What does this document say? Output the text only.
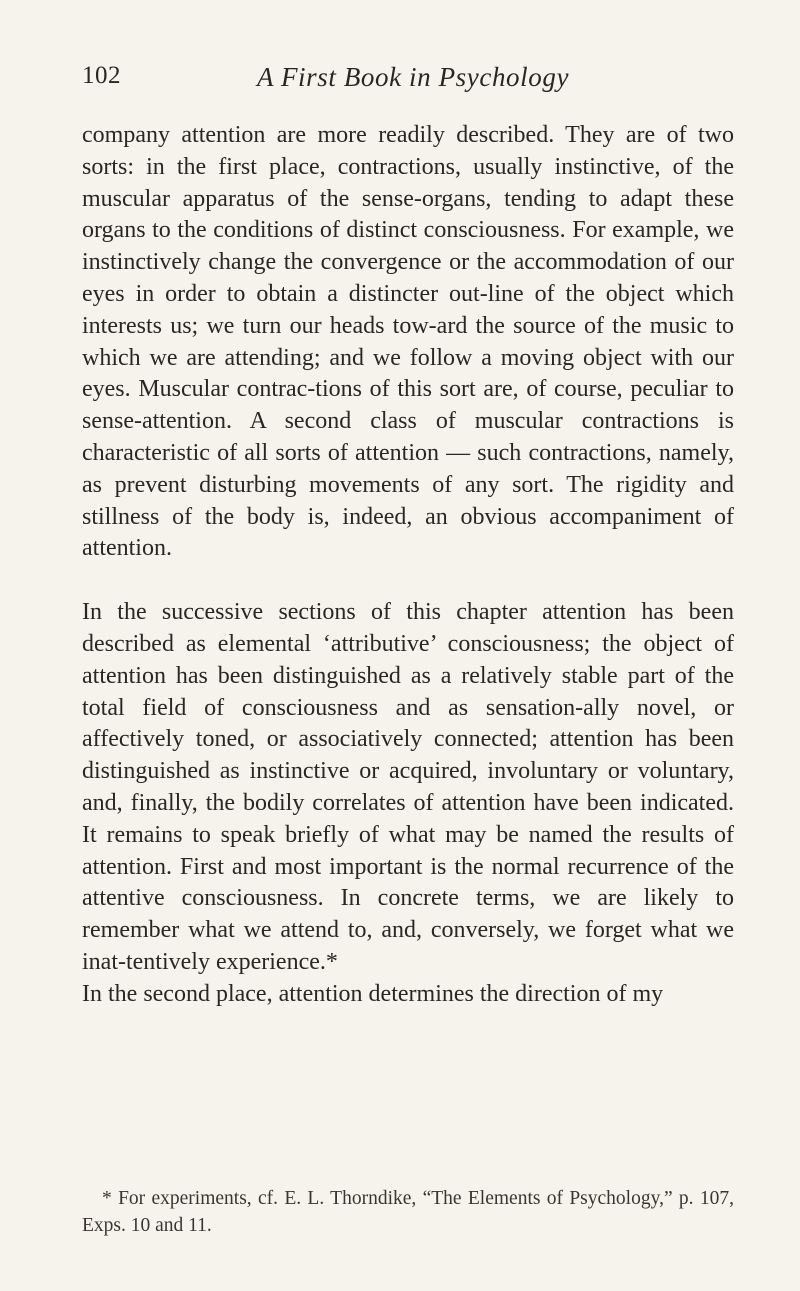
102	A First Book in Psychology

company attention are more readily described. They are of two sorts: in the first place, contractions, usually instinctive, of the muscular apparatus of the sense-organs, tending to adapt these organs to the conditions of distinct consciousness. For example, we instinctively change the convergence or the accommodation of our eyes in order to obtain a distincter out-line of the object which interests us; we turn our heads tow-ard the source of the music to which we are attending; and we follow a moving object with our eyes. Muscular contrac-tions of this sort are, of course, peculiar to sense-attention. A second class of muscular contractions is characteristic of all sorts of attention — such contractions, namely, as prevent disturbing movements of any sort. The rigidity and stillness of the body is, indeed, an obvious accompaniment of attention.

In the successive sections of this chapter attention has been described as elemental ‘attributive’ consciousness; the object of attention has been distinguished as a relatively stable part of the total field of consciousness and as sensation-ally novel, or affectively toned, or associatively connected; attention has been distinguished as instinctive or acquired, involuntary or voluntary, and, finally, the bodily correlates of attention have been indicated. It remains to speak briefly of what may be named the results of attention. First and most important is the normal recurrence of the attentive consciousness. In concrete terms, we are likely to remember what we attend to, and, conversely, we forget what we inat-tentively experience.*

In the second place, attention determines the direction of my

* For experiments, cf. E. L. Thorndike, “The Elements of Psychology,” p. 107, Exps. 10 and 11.
